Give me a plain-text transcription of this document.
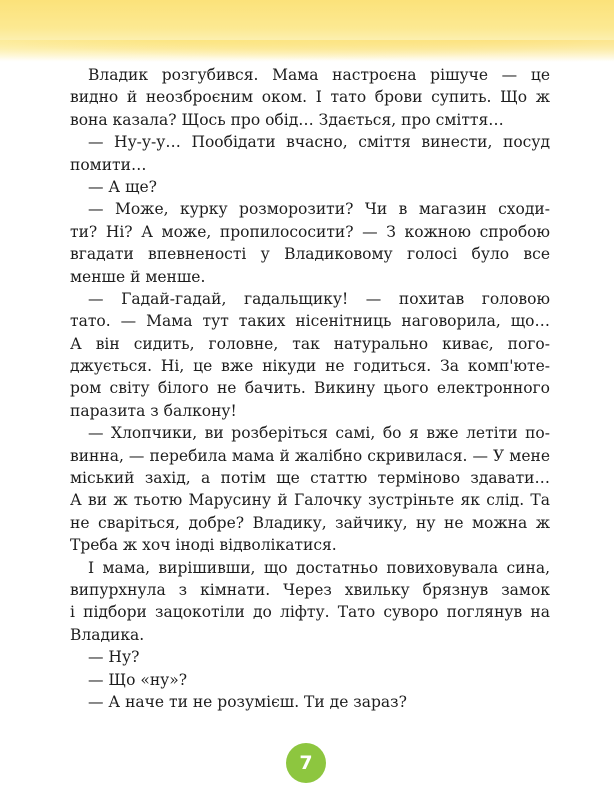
Владик розгубився. Мама настроєна рішуче — це
видно й неозброєним оком. І тато брови супить. Що ж
вона казала? Щось про обід… Здається, про сміття…
— Ну-у-у… Пообідати вчасно, сміття винести, посуд
помити…
— А ще?
— Може, курку розморозити? Чи в магазин сходи-
ти? Ні? А може, пропилососити? — З кожною спробою
вгадати впевненості у Владиковому голосі було все
менше й менше.
— Гадай-гадай, гадальщику! — похитав головою
тато. — Мама тут таких нісенітниць наговорила, що…
А він сидить, головне, так натурально киває, пого-
джується. Ні, це вже нікуди не годиться. За комп'юте-
ром світу білого не бачить. Викину цього електронного
паразита з балкону!
— Хлопчики, ви розберіться самі, бо я вже летіти по-
винна, — перебила мама й жалібно скривилася. — У мене
міський захід, а потім ще статтю терміново здавати…
А ви ж тьотю Марусину й Галочку зустріньте як слід. Та
не сваріться, добре? Владику, зайчику, ну не можна ж
Треба ж хоч іноді відволікатися.
І мама, вирішивши, що достатньо повиховувала сина,
випурхнула з кімнати. Через хвильку брязнув замок
і підбори зацокотіли до ліфту. Тато суворо поглянув на
Владика.
— Ну?
— Що «ну»?
— А наче ти не розумієш. Ти де зараз?
7
